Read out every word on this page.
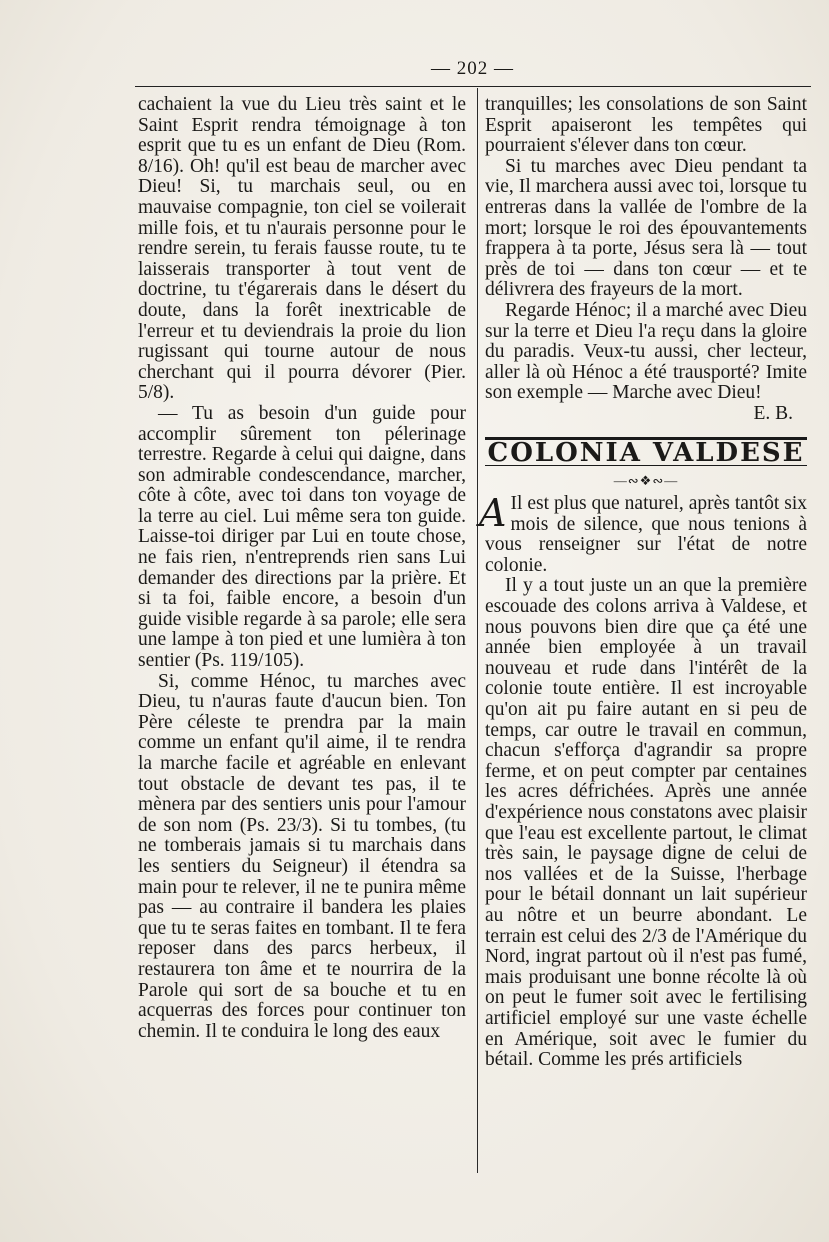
— 202 —

cachaient la vue du Lieu très saint et le Saint Esprit rendra témoignage à ton esprit que tu es un enfant de Dieu (Rom. 8/16). Oh! qu'il est beau de marcher avec Dieu! Si, tu marchais seul, ou en mauvaise compagnie, ton ciel se voilerait mille fois, et tu n'aurais personne pour le rendre serein, tu ferais fausse route, tu te laisserais transporter à tout vent de doctrine, tu t'égarerais dans le désert du doute, dans la forêt inextricable de l'erreur et tu deviendrais la proie du lion rugissant qui tourne autour de nous cherchant qui il pourra dévorer (Pier. 5/8).

— Tu as besoin d'un guide pour accomplir sûrement ton pélerinage terrestre. Regarde à celui qui daigne, dans son admirable condescendance, marcher, côte à côte, avec toi dans ton voyage de la terre au ciel. Lui même sera ton guide. Laisse-toi diriger par Lui en toute chose, ne fais rien, n'entreprends rien sans Lui demander des directions par la prière. Et si ta foi, faible encore, a besoin d'un guide visible regarde à sa parole; elle sera une lampe à ton pied et une lumièra à ton sentier (Ps. 119/105).

Si, comme Hénoc, tu marches avec Dieu, tu n'auras faute d'aucun bien. Ton Père céleste te prendra par la main comme un enfant qu'il aime, il te rendra la marche facile et agréable en enlevant tout obstacle de devant tes pas, il te mènera par des sentiers unis pour l'amour de son nom (Ps. 23/3). Si tu tombes, (tu ne tomberais jamais si tu marchais dans les sentiers du Seigneur) il étendra sa main pour te relever, il ne te punira même pas — au contraire il bandera les plaies que tu te seras faites en tombant. Il te fera reposer dans des parcs herbeux, il restaurera ton âme et te nourrira de la Parole qui sort de sa bouche et tu en acquerras des forces pour continuer ton chemin. Il te conduira le long des eaux

tranquilles; les consolations de son Saint Esprit apaiseront les tempêtes qui pourraient s'élever dans ton cœur.

Si tu marches avec Dieu pendant ta vie, Il marchera aussi avec toi, lorsque tu entreras dans la vallée de l'ombre de la mort; lorsque le roi des épouvantements frappera à ta porte, Jésus sera là — tout près de toi — dans ton cœur — et te délivrera des frayeurs de la mort.

Regarde Hénoc; il a marché avec Dieu sur la terre et Dieu l'a reçu dans la gloire du paradis. Veux-tu aussi, cher lecteur, aller là où Hénoc a été trausporté? Imite son exemple — Marche avec Dieu!

E. B.

COLONIA VALDESE
—∾❖∾—

A Il est plus que naturel, après tantôt six mois de silence, que nous tenions à vous renseigner sur l'état de notre colonie.

Il y a tout juste un an que la première escouade des colons arriva à Valdese, et nous pouvons bien dire que ça été une année bien employée à un travail nouveau et rude dans l'intérêt de la colonie toute entière. Il est incroyable qu'on ait pu faire autant en si peu de temps, car outre le travail en commun, chacun s'efforça d'agrandir sa propre ferme, et on peut compter par centaines les acres défrichées. Après une année d'expérience nous constatons avec plaisir que l'eau est excellente partout, le climat très sain, le paysage digne de celui de nos vallées et de la Suisse, l'herbage pour le bétail donnant un lait supérieur au nôtre et un beurre abondant. Le terrain est celui des 2/3 de l'Amérique du Nord, ingrat partout où il n'est pas fumé, mais produisant une bonne récolte là où on peut le fumer soit avec le fertilising artificiel employé sur une vaste échelle en Amérique, soit avec le fumier du bétail. Comme les prés artificiels
